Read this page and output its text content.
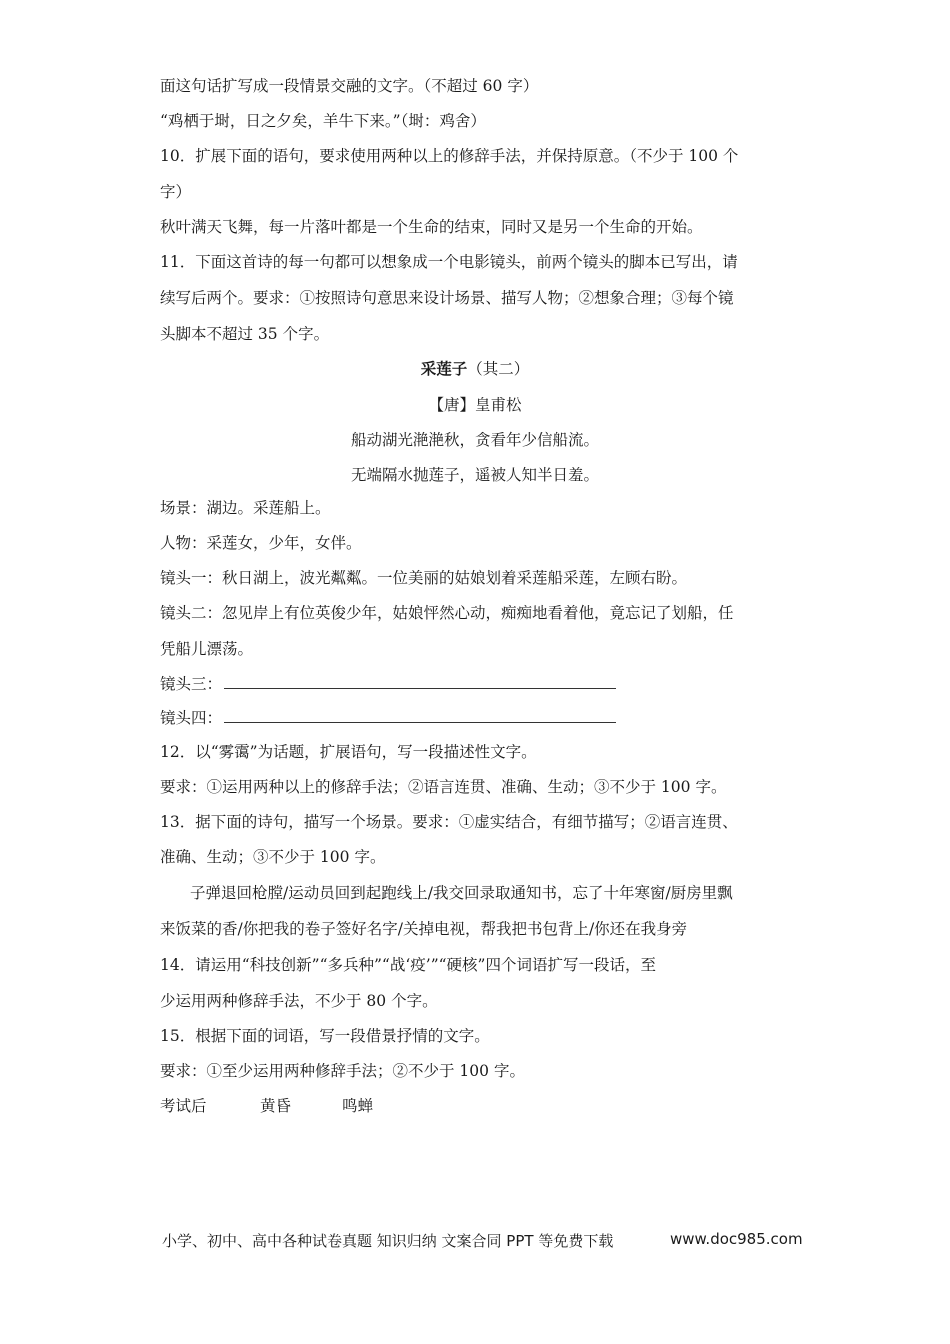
面这句话扩写成一段情景交融的文字。（不超过 60 字）
“鸡栖于埘，日之夕矣，羊牛下来。”（埘：鸡舍）
10．扩展下面的语句，要求使用两种以上的修辞手法，并保持原意。（不少于 100 个
字）
秋叶满天飞舞，每一片落叶都是一个生命的结束，同时又是另一个生命的开始。
11．下面这首诗的每一句都可以想象成一个电影镜头，前两个镜头的脚本已写出，请
续写后两个。要求：①按照诗句意思来设计场景、描写人物；②想象合理；③每个镜
头脚本不超过 35 个字。
采莲子（其二）
【唐】皇甫松
船动湖光滟滟秋，贪看年少信船流。
无端隔水抛莲子，遥被人知半日羞。
场景：湖边。采莲船上。
人物：采莲女，少年，女伴。
镜头一：秋日湖上，波光粼粼。一位美丽的姑娘划着采莲船采莲，左顾右盼。
镜头二：忽见岸上有位英俊少年，姑娘怦然心动，痴痴地看着他，竟忘记了划船，任
凭船儿漂荡。
镜头三：
镜头四：
12．以“雾霭”为话题，扩展语句，写一段描述性文字。
要求：①运用两种以上的修辞手法；②语言连贯、准确、生动；③不少于 100 字。
13．据下面的诗句，描写一个场景。要求：①虚实结合，有细节描写；②语言连贯、
准确、生动；③不少于 100 字。
子弹退回枪膛/运动员回到起跑线上/我交回录取通知书，忘了十年寒窗/厨房里飘
来饭菜的香/你把我的卷子签好名字/关掉电视，帮我把书包背上/你还在我身旁
14．请运用“科技创新”“多兵种”“战‘疫’”“硬核”四个词语扩写一段话，至
少运用两种修辞手法，不少于 80 个字。
15．根据下面的词语，写一段借景抒情的文字。
要求：①至少运用两种修辞手法；②不少于 100 字。
考试后	黄昏	鸣蝉
小学、初中、高中各种试卷真题 知识归纳 文案合同 PPT 等免费下载	www.doc985.com
